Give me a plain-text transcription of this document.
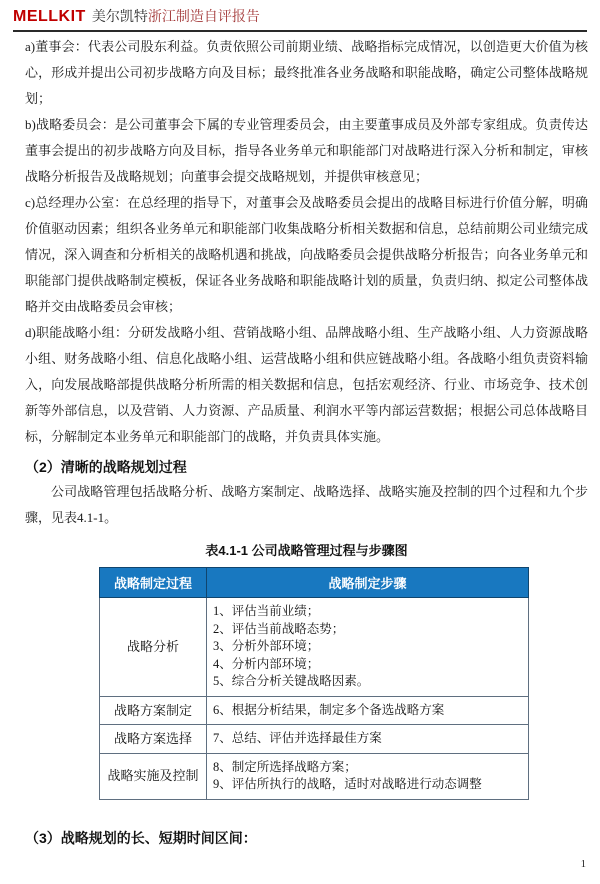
MELLKIT 美尔凯特浙江制造自评报告

a)董事会：代表公司股东利益。负责依照公司前期业绩、战略指标完成情况，以创造更大价值为核心，形成并提出公司初步战略方向及目标；最终批准各业务战略和职能战略，确定公司整体战略规划；

b)战略委员会：是公司董事会下属的专业管理委员会，由主要董事成员及外部专家组成。负责传达董事会提出的初步战略方向及目标，指导各业务单元和职能部门对战略进行深入分析和制定，审核战略分析报告及战略规划；向董事会提交战略规划，并提供审核意见；

c)总经理办公室：在总经理的指导下，对董事会及战略委员会提出的战略目标进行价值分解，明确价值驱动因素；组织各业务单元和职能部门收集战略分析相关数据和信息，总结前期公司业绩完成情况，深入调查和分析相关的战略机遇和挑战，向战略委员会提供战略分析报告；向各业务单元和职能部门提供战略制定模板，保证各业务战略和职能战略计划的质量，负责归纳、拟定公司整体战略并交由战略委员会审核；

d)职能战略小组：分研发战略小组、营销战略小组、品牌战略小组、生产战略小组、人力资源战略小组、财务战略小组、信息化战略小组、运营战略小组和供应链战略小组。各战略小组负责资料输入，向发展战略部提供战略分析所需的相关数据和信息，包括宏观经济、行业、市场竞争、技术创新等外部信息，以及营销、人力资源、产品质量、利润水平等内部运营数据；根据公司总体战略目标，分解制定本业务单元和职能部门的战略，并负责具体实施。

（2）清晰的战略规划过程
公司战略管理包括战略分析、战略方案制定、战略选择、战略实施及控制的四个过程和九个步骤，见表4.1-1。
表4.1-1 公司战略管理过程与步骤图
战略制定过程	战略制定步骤
战略分析	1、评估当前业绩；
2、评估当前战略态势；
3、分析外部环境；
4、分析内部环境；
5、综合分析关键战略因素。

战略方案制定	6、根据分析结果，制定多个备选战略方案

战略方案选择	7、总结、评估并选择最佳方案

战略实施及控制	8、制定所选择战略方案；
9、评估所执行的战略，适时对战略进行动态调整
（3）战略规划的长、短期时间区间：
1
